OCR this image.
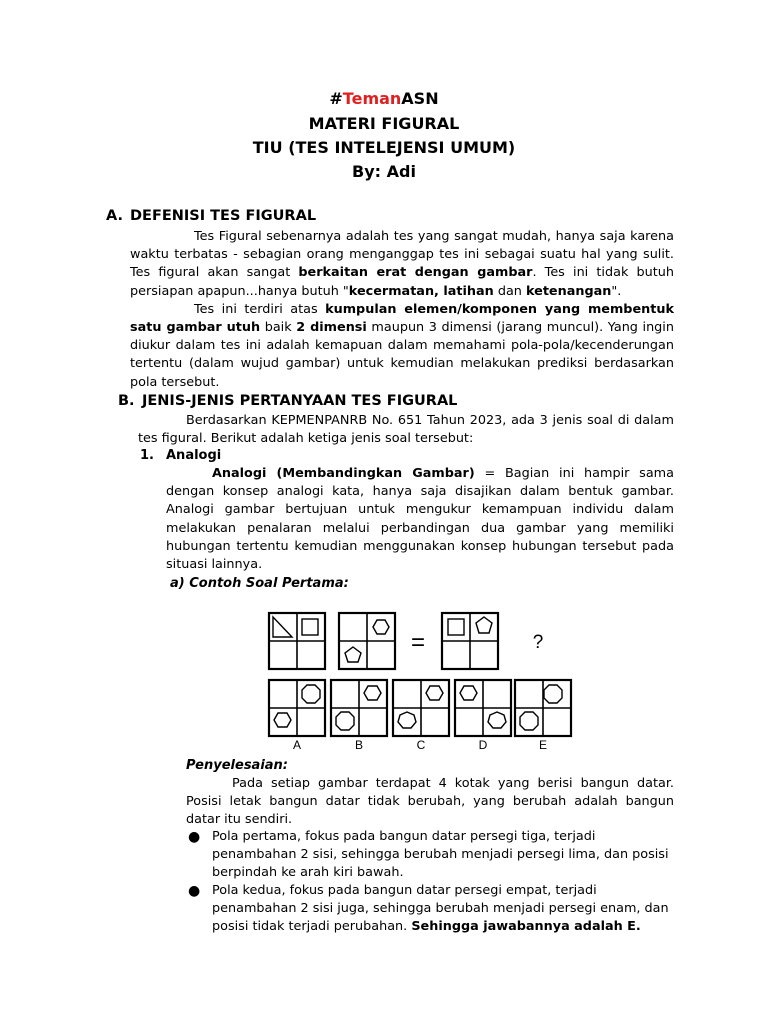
#TemanASN
MATERI FIGURAL
TIU (TES INTELEJENSI UMUM)
By: Adi
A. DEFENISI TES FIGURAL

Tes Figural sebenarnya adalah tes yang sangat mudah, hanya saja karena waktu terbatas - sebagian orang menganggap tes ini sebagai suatu hal yang sulit. Tes figural akan sangat berkaitan erat dengan gambar. Tes ini tidak butuh persiapan apapun...hanya butuh "kecermatan, latihan dan ketenangan".

Tes ini terdiri atas kumpulan elemen/komponen yang membentuk satu gambar utuh baik 2 dimensi maupun 3 dimensi (jarang muncul). Yang ingin diukur dalam tes ini adalah kemapuan dalam memahami pola-pola/kecenderungan tertentu (dalam wujud gambar) untuk kemudian melakukan prediksi berdasarkan pola tersebut.

B. JENIS-JENIS PERTANYAAN TES FIGURAL

Berdasarkan KEPMENPANRB No. 651 Tahun 2023, ada 3 jenis soal di dalam tes figural. Berikut adalah ketiga jenis soal tersebut:

1. Analogi

Analogi (Membandingkan Gambar) = Bagian ini hampir sama dengan konsep analogi kata, hanya saja disajikan dalam bentuk gambar. Analogi gambar bertujuan untuk mengukur kemampuan individu dalam melakukan penalaran melalui perbandingan dua gambar yang memiliki hubungan tertentu kemudian menggunakan konsep hubungan tersebut pada situasi lainnya.

a) Contoh Soal Pertama:
=	?
A	B	C	D	E
Penyelesaian:

Pada setiap gambar terdapat 4 kotak yang berisi bangun datar. Posisi letak bangun datar tidak berubah, yang berubah adalah bangun datar itu sendiri.

● Pola pertama, fokus pada bangun datar persegi tiga, terjadi penambahan 2 sisi, sehingga berubah menjadi persegi lima, dan posisi berpindah ke arah kiri bawah.
● Pola kedua, fokus pada bangun datar persegi empat, terjadi penambahan 2 sisi juga, sehingga berubah menjadi persegi enam, dan posisi tidak terjadi perubahan. Sehingga jawabannya adalah E.
